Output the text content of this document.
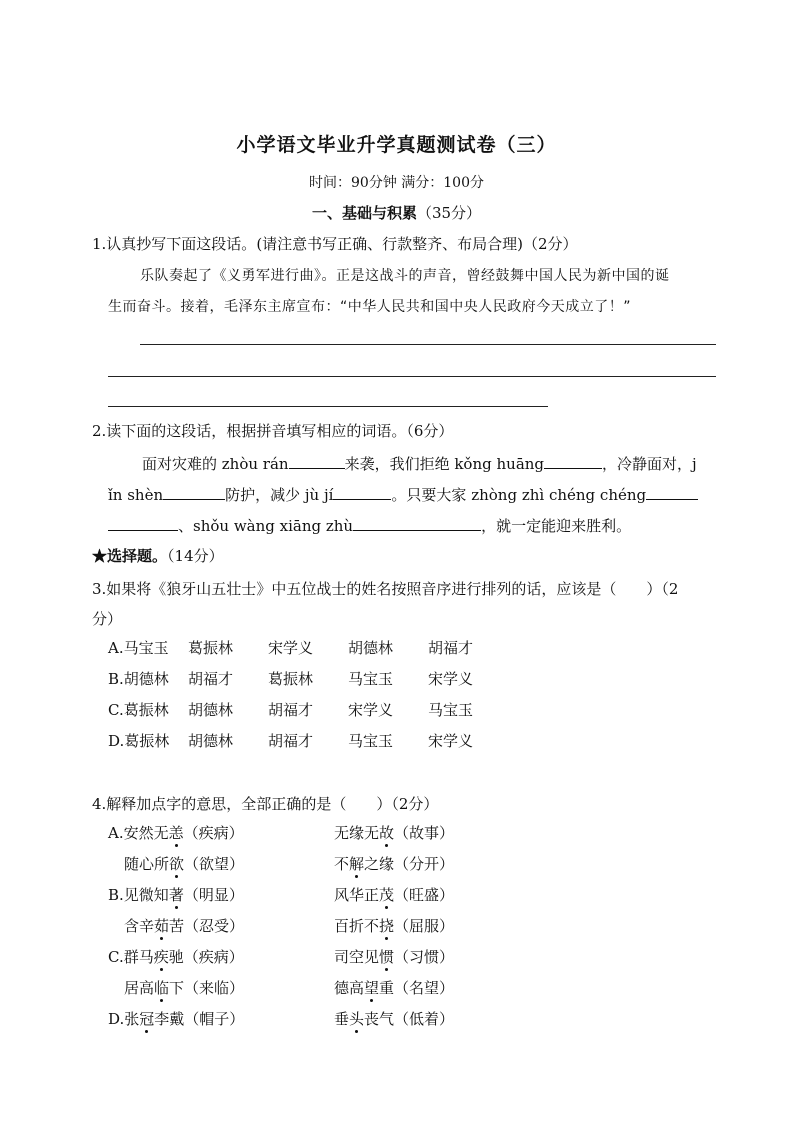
小学语文毕业升学真题测试卷（三）
时间：90分钟 满分：100分
一、基础与积累（35分）
1.认真抄写下面这段话。(请注意书写正确、行款整齐、布局合理)（2分）
乐队奏起了《义勇军进行曲》。正是这战斗的声音，曾经鼓舞中国人民为新中国的诞
生而奋斗。接着，毛泽东主席宣布：“中华人民共和国中央人民政府今天成立了！”
2.读下面的这段话，根据拼音填写相应的词语。（6分）
面对灾难的 zhòu rán	来袭，我们拒绝 kǒng huāng	，冷静面对，j
ǐn shèn	防护，减少 jù jí	。只要大家 zhòng zhì chéng chéng
、shǒu wàng xiāng zhù	，就一定能迎来胜利。
★选择题。（14分）
3.如果将《狼牙山五壮士》中五位战士的姓名按照音序进行排列的话，应该是（　　）（2
分）
A.马宝玉	葛振林	宋学义	胡德林	胡福才
B.胡德林	胡福才	葛振林	马宝玉	宋学义
C.葛振林	胡德林	胡福才	宋学义	马宝玉
D.葛振林	胡德林	胡福才	马宝玉	宋学义
4.解释加点字的意思，全部正确的是（　　）（2分）
A.安然无恙（疾病）	无缘无故（故事）
随心所欲（欲望）	不解之缘（分开）
B.见微知著（明显）	风华正茂（旺盛）
含辛茹苦（忍受）	百折不挠（屈服）
C.群马疾驰（疾病）	司空见惯（习惯）
居高临下（来临）	德高望重（名望）
D.张冠李戴（帽子）	垂头丧气（低着）
